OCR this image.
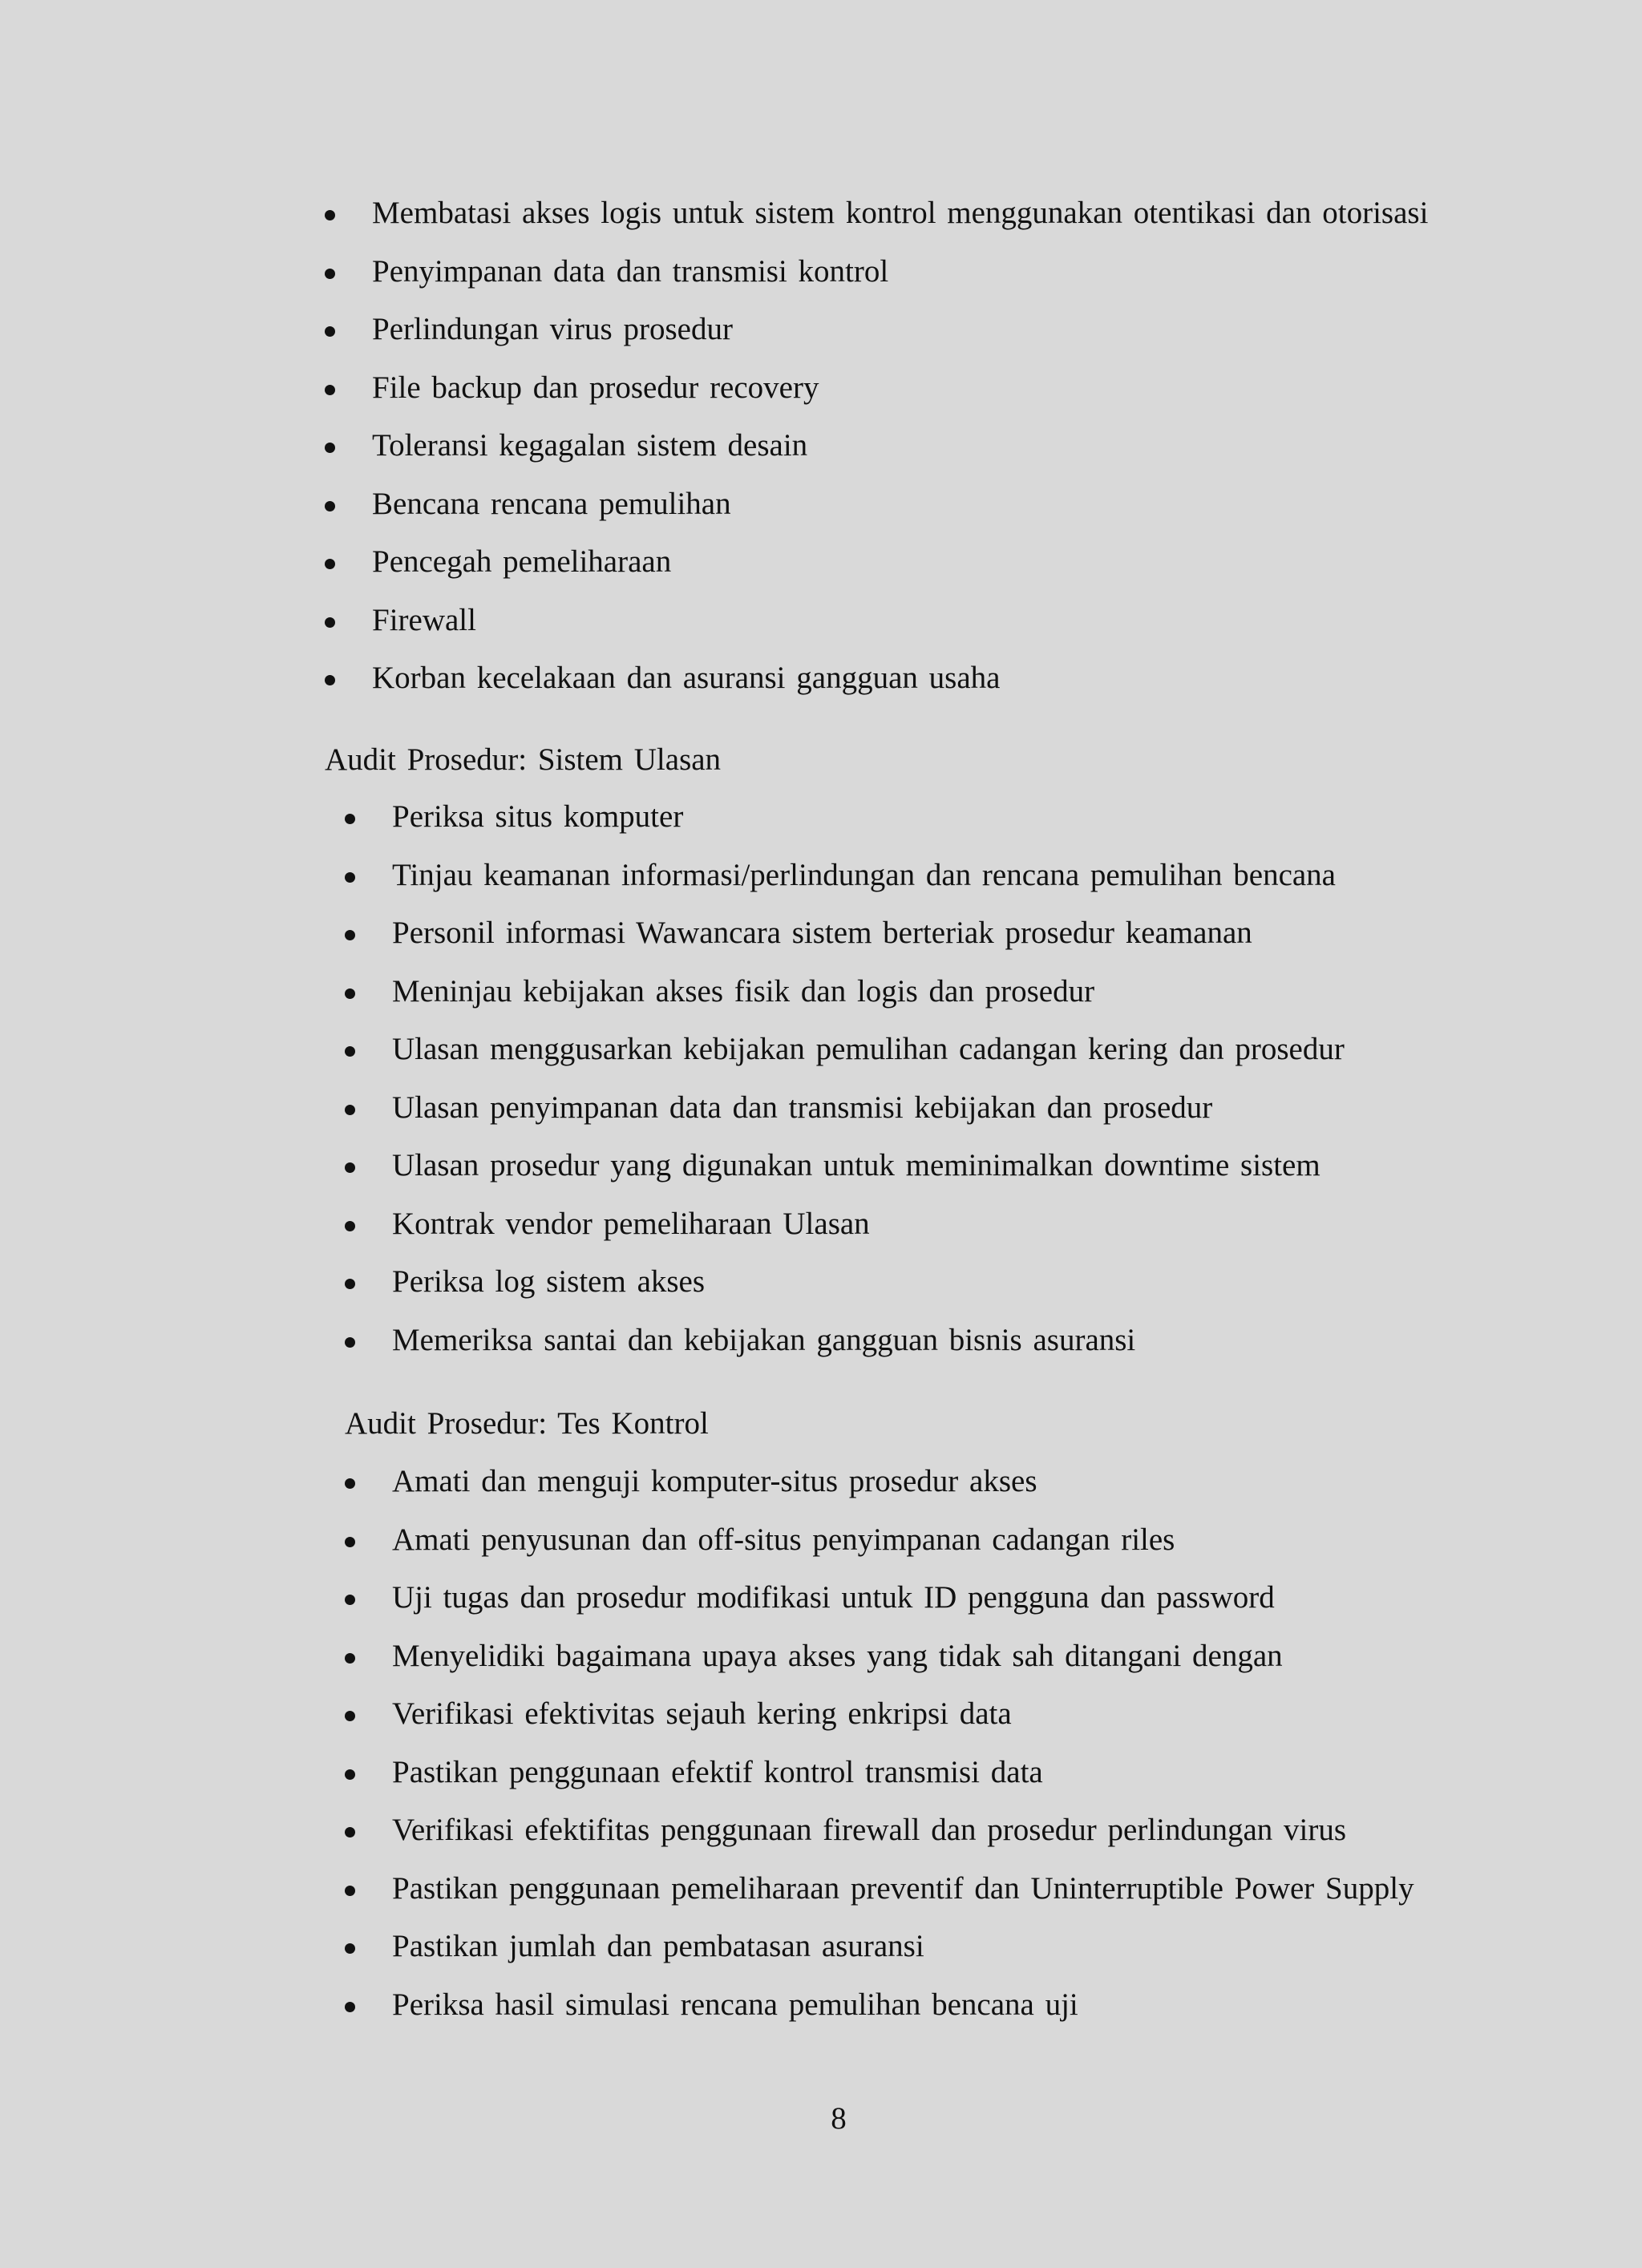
Membatasi akses logis untuk sistem kontrol menggunakan otentikasi dan otorisasi
Penyimpanan data dan transmisi kontrol
Perlindungan virus prosedur
File backup dan prosedur recovery
Toleransi kegagalan sistem desain
Bencana rencana pemulihan
Pencegah pemeliharaan
Firewall
Korban kecelakaan dan asuransi gangguan usaha
Audit Prosedur: Sistem Ulasan
Periksa situs komputer
Tinjau keamanan informasi/perlindungan dan rencana pemulihan bencana
Personil informasi Wawancara sistem berteriak prosedur keamanan
Meninjau kebijakan akses fisik dan logis dan prosedur
Ulasan menggusarkan kebijakan pemulihan cadangan kering dan prosedur
Ulasan penyimpanan data dan transmisi kebijakan dan prosedur
Ulasan prosedur yang digunakan untuk meminimalkan downtime sistem
Kontrak vendor pemeliharaan Ulasan
Periksa log sistem akses
Memeriksa santai dan kebijakan gangguan bisnis asuransi
Audit Prosedur: Tes Kontrol
Amati dan menguji komputer-situs prosedur akses
Amati penyusunan dan off-situs penyimpanan cadangan riles
Uji tugas dan prosedur modifikasi untuk ID pengguna dan password
Menyelidiki bagaimana upaya akses yang tidak sah ditangani dengan
Verifikasi efektivitas sejauh kering enkripsi data
Pastikan penggunaan efektif kontrol transmisi data
Verifikasi efektifitas penggunaan firewall dan prosedur perlindungan virus
Pastikan penggunaan pemeliharaan preventif dan Uninterruptible Power Supply
Pastikan jumlah dan pembatasan asuransi
Periksa hasil simulasi rencana pemulihan bencana uji
8
